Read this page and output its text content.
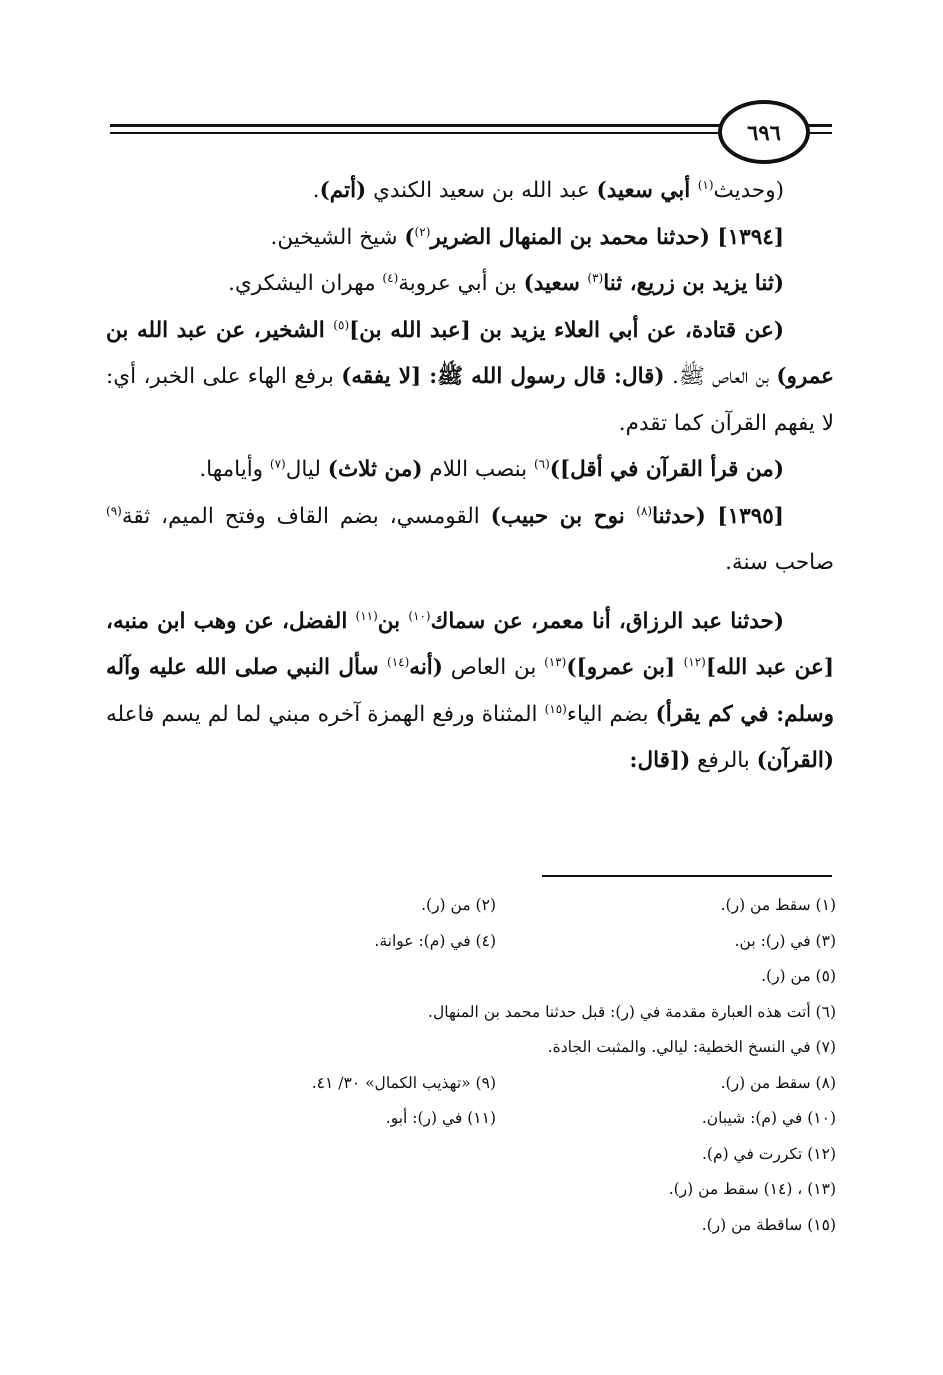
٦٩٦

(وحديث$^{(١)}$ أبي سعيد) عبد الله بن سعيد الكندي (أتم).

[١٣٩٤] (حدثنا محمد بن المنهال الضرير$^{(٢)}$) شيخ الشيخين.

(ثنا يزيد بن زريع، ثنا$^{(٣)}$ سعيد) بن أبي عروبة$^{(٤)}$ مهران اليشكري.

(عن قتادة، عن أبي العلاء يزيد بن [عبد الله بن]$^{(٥)}$ الشخير، عن عبد الله بن عمرو) بن العاص ﷺ. (قال: قال رسول الله ﷺ: [لا يفقه) برفع الهاء على الخبر، أي: لا يفهم القرآن كما تقدم.

(من قرأ القرآن في أقل])$^{(٦)}$ بنصب اللام (من ثلاث) ليال$^{(٧)}$ وأيامها.

[١٣٩٥] (حدثنا$^{(٨)}$ نوح بن حبيب) القومسي، بضم القاف وفتح الميم، ثقة$^{(٩)}$ صاحب سنة.

(حدثنا عبد الرزاق، أنا معمر، عن سماك$^{(١٠)}$ بن$^{(١١)}$ الفضل، عن وهب ابن منبه، [عن عبد الله]$^{(١٢)}$ [بن عمرو])$^{(١٣)}$ بن العاص (أنه$^{(١٤)}$ سأل النبي صلى الله عليه وآله وسلم: في كم يقرأ) بضم الياء$^{(١٥)}$ المثناة ورفع الهمزة آخره مبني لما لم يسم فاعله (القرآن) بالرفع ([قال:

(١) سقط من (ر).
(٢) من (ر).
(٣) في (ر): بن.
(٤) في (م): عوانة.
(٥) من (ر).
(٦) أتت هذه العبارة مقدمة في (ر): قبل حدثنا محمد بن المنهال.
(٧) في النسخ الخطية: ليالي. والمثبت الجادة.
(٨) سقط من (ر).
(٩) «تهذيب الكمال» ٣٠/ ٤١.
(١٠) في (م): شيبان.
(١١) في (ر): أبو.
(١٢) تكررت في (م).
(١٣) ، (١٤) سقط من (ر).
(١٥) ساقطة من (ر).
